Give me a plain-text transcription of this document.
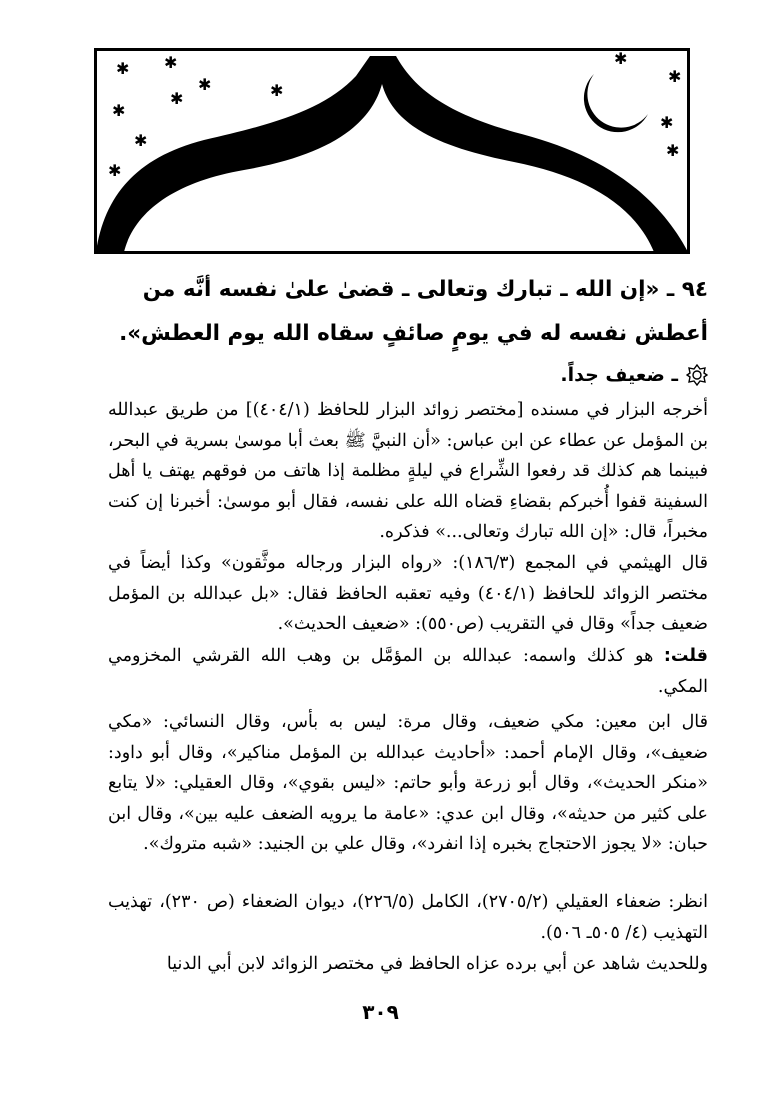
✱ ✱
✱
✱
✱
✱
✱
✱
✱
✱
✱
✱
٩٤ ـ «إن الله ـ تبارك وتعالى ـ قضىٰ علىٰ نفسه أنَّه من أعطش نفسه له في يومٍ صائفٍ سقاه الله يوم العطش».
ـ ضعيف جداً.

أخرجه البزار في مسنده [مختصر زوائد البزار للحافظ (٤٠٤/١)] من طريق عبدالله بن المؤمل عن عطاء عن ابن عباس: «أن النبيَّ ﷺ بعث أبا موسىٰ بسرية في البحر، فبينما هم كذلك قد رفعوا الشِّراع في ليلةٍ مظلمة إذا هاتف من فوقهم يهتف يا أهل السفينة قفوا أُخبركم بقضاءِ قضاه الله على نفسه، فقال أبو موسىٰ: أخبرنا إن كنت مخبراً، قال: «إن الله تبارك وتعالى...» فذكره.

قال الهيثمي في المجمع (١٨٦/٣): «رواه البزار ورجاله موثَّقون» وكذا أيضاً في مختصر الزوائد للحافظ (٤٠٤/١) وفيه تعقبه الحافظ فقال: «بل عبدالله بن المؤمل ضعيف جداً» وقال في التقريب (ص٥٥٠): «ضعيف الحديث».

قلت: هو كذلك واسمه: عبدالله بن المؤمَّل بن وهب الله القرشي المخزومي المكي.

قال ابن معين: مكي ضعيف، وقال مرة: ليس به بأس، وقال النسائي: «مكي ضعيف»، وقال الإمام أحمد: «أحاديث عبدالله بن المؤمل مناكير»، وقال أبو داود: «منكر الحديث»، وقال أبو زرعة وأبو حاتم: «ليس بقوي»، وقال العقيلي: «لا يتابع على كثير من حديثه»، وقال ابن عدي: «عامة ما يرويه الضعف عليه بين»، وقال ابن حبان: «لا يجوز الاحتجاج بخبره إذا انفرد»، وقال علي بن الجنيد: «شبه متروك».

انظر: ضعفاء العقيلي (٢٧٠٥/٢)، الكامل (٢٢٦/٥)، ديوان الضعفاء (ص ٢٣٠)، تهذيب التهذيب (٤/ ٥٠٥ـ ٥٠٦).

وللحديث شاهد عن أبي برده عزاه الحافظ في مختصر الزوائد لابن أبي الدنيا

٣٠٩
